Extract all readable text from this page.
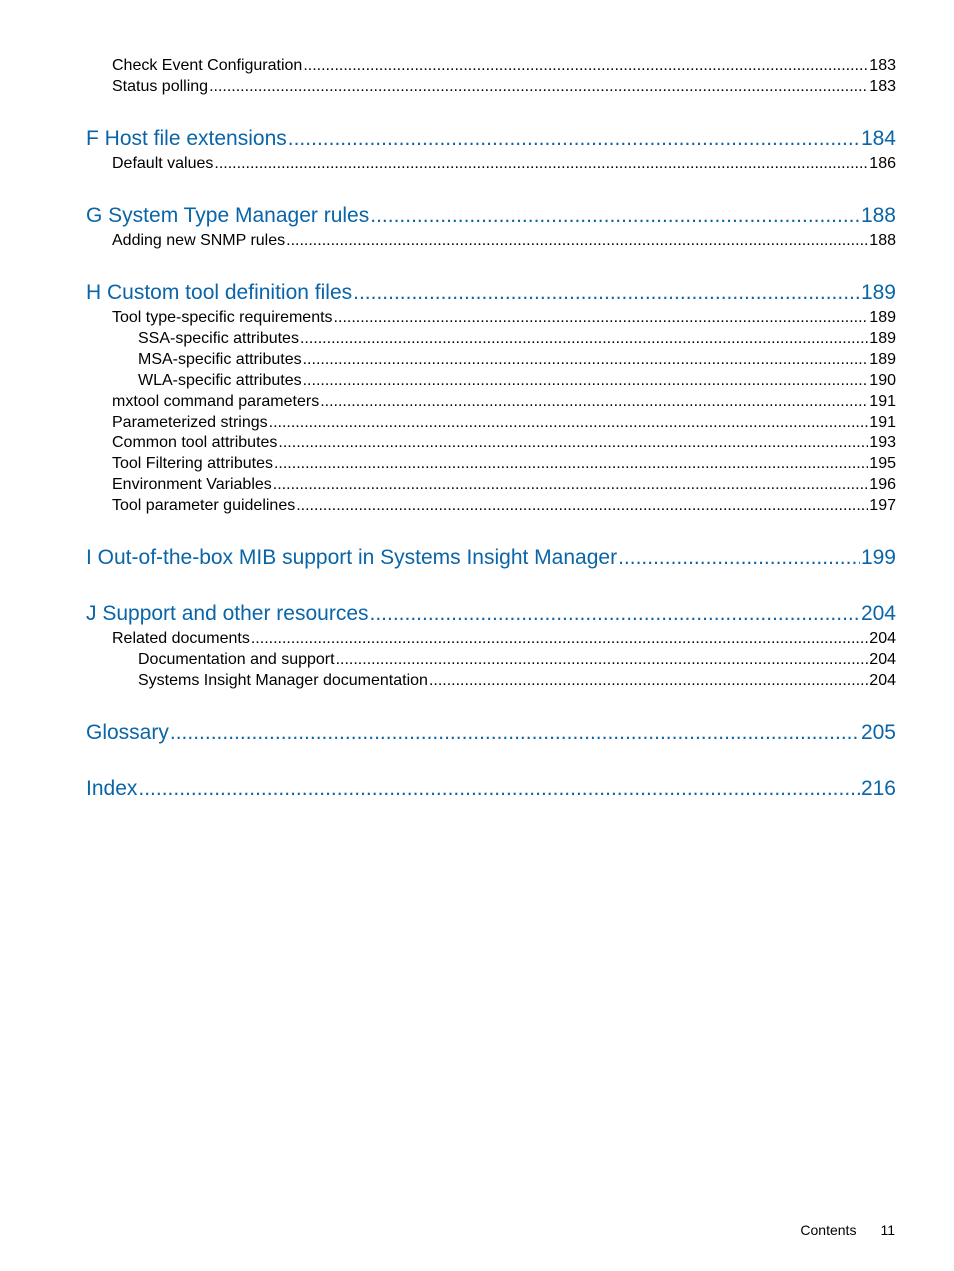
Check Event Configuration .....	183
Status polling .....	183
F Host file extensions .....	184
Default values .....	186
G System Type Manager rules .....	188
Adding new SNMP rules .....	188
H Custom tool definition files .....	189
Tool type-specific requirements .....	189
SSA-specific attributes .....	189
MSA-specific attributes .....	189
WLA-specific attributes .....	190
mxtool command parameters .....	191
Parameterized strings .....	191
Common tool attributes .....	193
Tool Filtering attributes .....	195
Environment Variables .....	196
Tool parameter guidelines .....	197
I Out-of-the-box MIB support in Systems Insight Manager .....	199
J Support and other resources .....	204
Related documents .....	204
Documentation and support .....	204
Systems Insight Manager documentation .....	204
Glossary .....	205
Index .....	216
Contents 11
